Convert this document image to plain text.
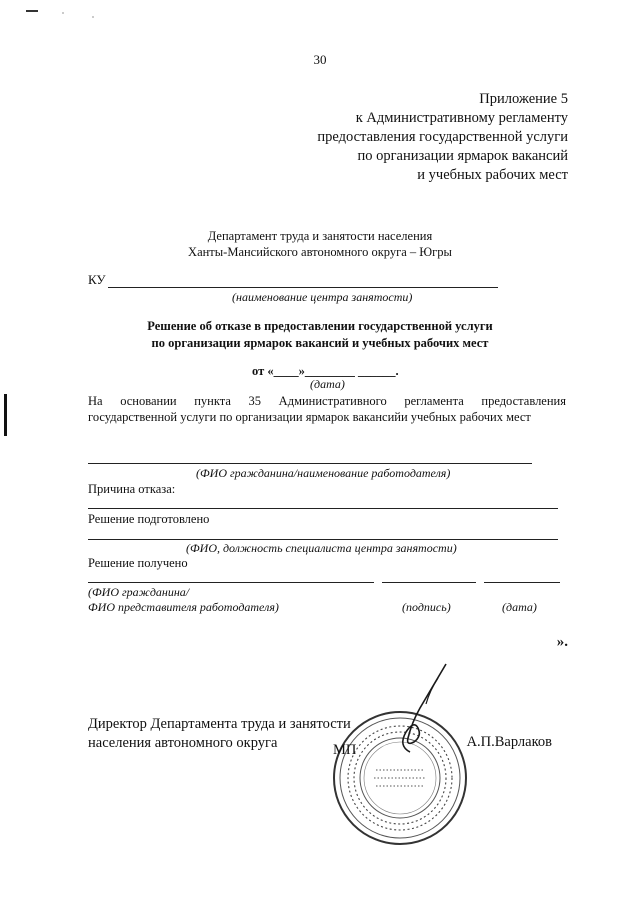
30
Приложение 5
к Административному регламенту
предоставления государственной услуги
по организации ярмарок вакансий
и учебных рабочих мест
Департамент труда и занятости населения
Ханты-Мансийского автономного округа – Югры
КУ
(наименование центра занятости)
Решение об отказе в предоставлении государственной услуги
по организации ярмарок вакансий и учебных рабочих мест
от «____»________ ______.
(дата)
На основании пункта 35 Административного регламента предоставления государственной услуги по организации ярмарок вакансийи учебных рабочих мест
(ФИО гражданина/наименование работодателя)
Причина отказа:
Решение подготовлено
(ФИО, должность специалиста центра занятости)
Решение получено
(ФИО гражданина/
ФИО представителя работодателя)	(подпись)	(дата)
».
Директор Департамента труда и занятости
населения автономного округа	МП	А.П.Варлаков
